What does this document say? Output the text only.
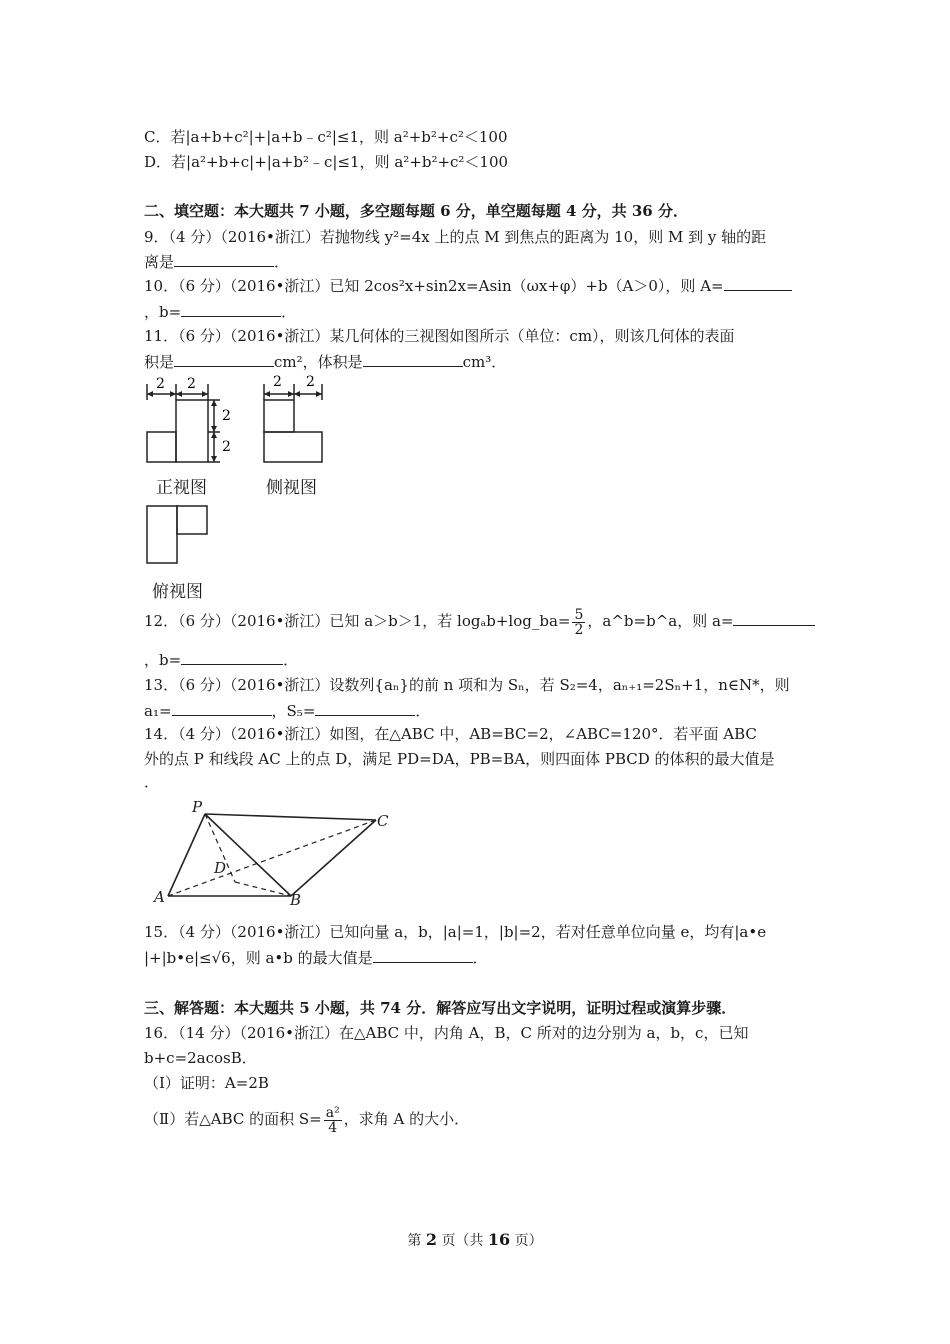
C．若|a+b+c²|+|a+b﹣c²|≤1，则 a²+b²+c²＜100
D．若|a²+b+c|+|a+b²﹣c|≤1，则 a²+b²+c²＜100
二、填空题：本大题共 7 小题，多空题每题 6 分，单空题每题 4 分，共 36 分．
9．（4 分）（2016•浙江）若抛物线 y²=4x 上的点 M 到焦点的距离为 10，则 M 到 y 轴的距
离是	．
10．（6 分）（2016•浙江）已知 2cos²x+sin2x=Asin（ωx+φ）+b（A＞0），则 A=
，b=	．
11．（6 分）（2016•浙江）某几何体的三视图如图所示（单位：cm），则该几何体的表面
积是	cm²，体积是	cm³．
2 2
2
2
2 2
正视图	侧视图
俯视图
12．（6 分）（2016•浙江）已知 a＞b＞1，若 logₐb+log_ba= $\frac{5}{2}$ ，a^b=b^a，则 a=
，b=	．
13．（6 分）（2016•浙江）设数列{aₙ}的前 n 项和为 Sₙ，若 S₂=4，aₙ₊₁=2Sₙ+1，n∈N*，则
a₁=	，S₅=	．
14．（4 分）（2016•浙江）如图，在△ABC 中，AB=BC=2，∠ABC=120°．若平面 ABC
外的点 P 和线段 AC 上的点 D，满足 PD=DA，PB=BA，则四面体 PBCD 的体积的最大值是
．
P
C
D
A	B
15．（4 分）（2016•浙江）已知向量 a，b，|a|=1，|b|=2，若对任意单位向量 e，均有|a•e
|+|b•e|≤√6，则 a•b 的最大值是	．
三、解答题：本大题共 5 小题，共 74 分．解答应写出文字说明，证明过程或演算步骤．
16．（14 分）（2016•浙江）在△ABC 中，内角 A，B，C 所对的边分别为 a，b，c，已知
b+c=2acosB．
（Ⅰ）证明：A=2B
（Ⅱ）若△ABC 的面积 $S= \frac{\text{a²}}{4}$ ，求角 A 的大小．
第 2 页（共 16 页）
